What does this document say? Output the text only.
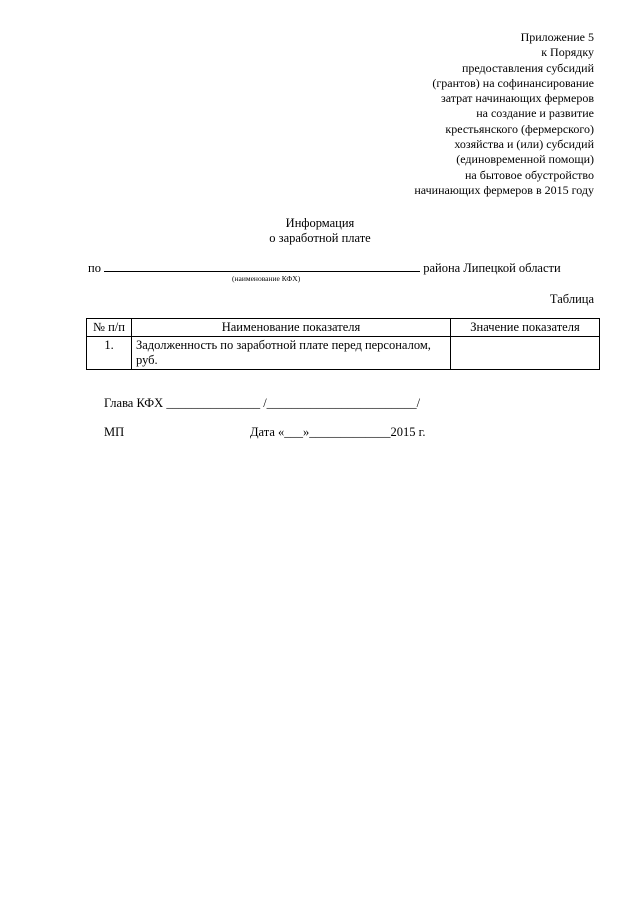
Приложение 5
к Порядку
предоставления субсидий
(грантов) на софинансирование
затрат начинающих фермеров
на создание и развитие
крестьянского (фермерского)
хозяйства и (или) субсидий
(единовременной помощи)
на бытовое обустройство
начинающих фермеров в 2015 году
Информация
о заработной плате
по	района Липецкой области
(наименование КФХ)
Таблица
№ п/п	Наименование показателя	Значение показателя
1.	Задолженность по заработной плате перед персоналом, руб.	
Глава КФХ _______________ /________________________/
МП	Дата «___»_____________2015 г.
